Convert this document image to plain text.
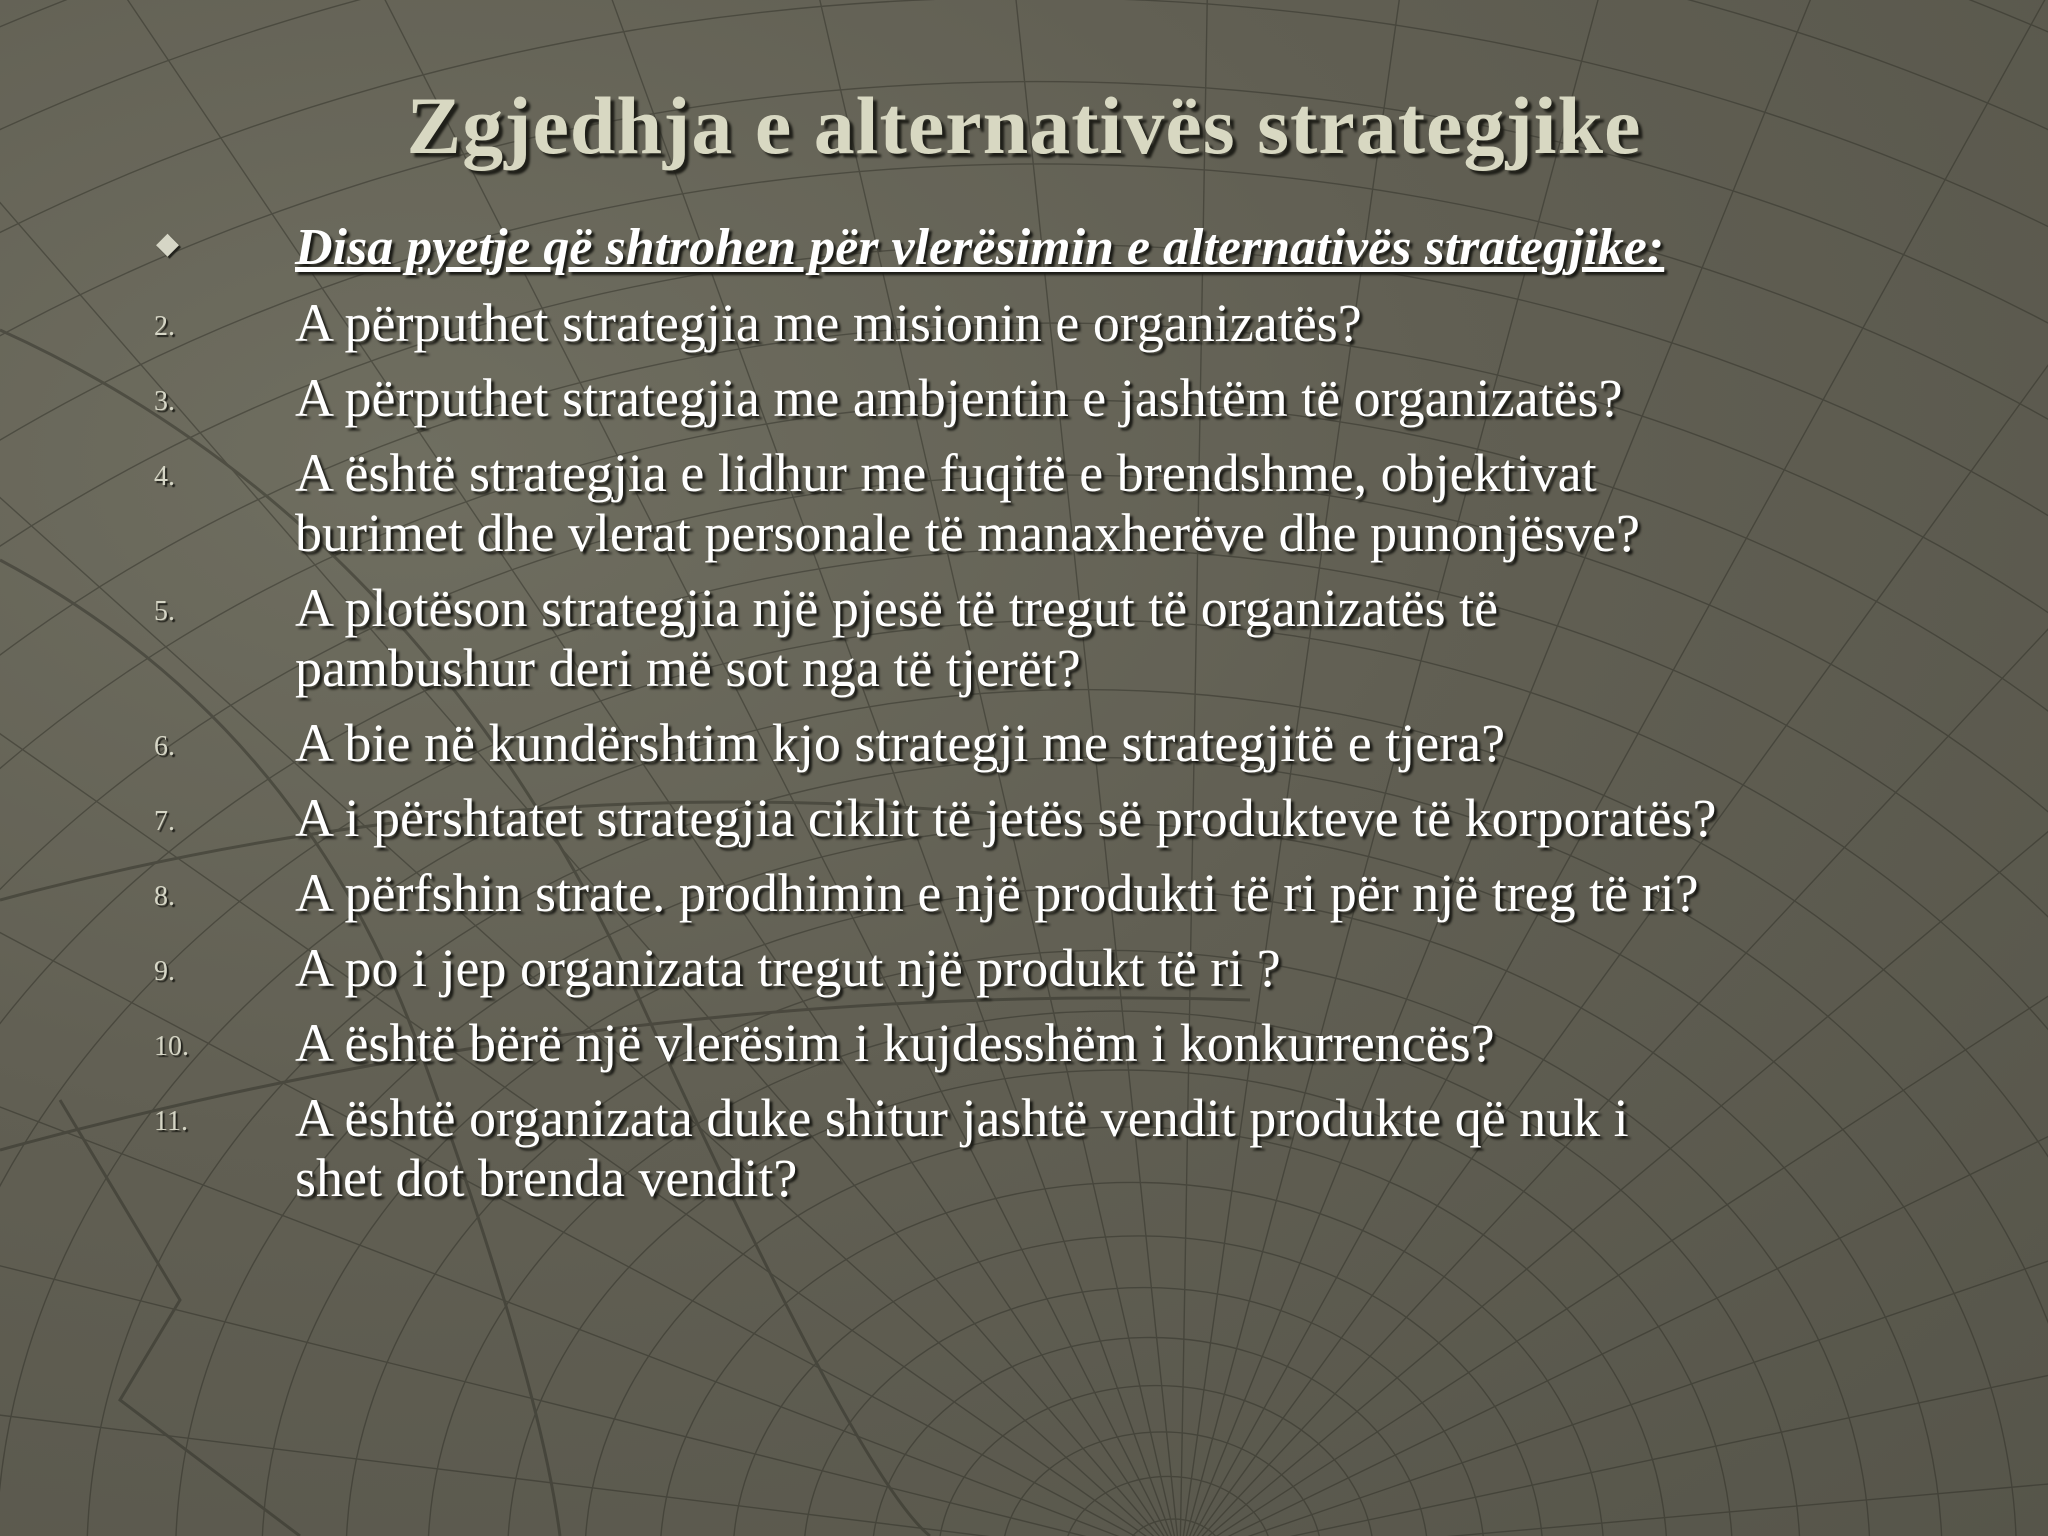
Zgjedhja e alternativës strategjike
◆ Disa pyetje që shtrohen për vlerësimin e alternativës strategjike:
2. A përputhet strategjia me misionin e organizatës?
3. A përputhet strategjia me ambjentin e jashtëm të organizatës?
4. A është strategjia e lidhur me fuqitë e brendshme, objektivat
burimet dhe vlerat personale të manaxherëve dhe punonjësve?
5. A plotëson strategjia një pjesë të tregut të organizatës të
pambushur deri më sot nga të tjerët?
6. A bie në kundërshtim kjo strategji me strategjitë e tjera?
7. A i përshtatet strategjia ciklit të jetës së produkteve të korporatës?
8. A përfshin strate. prodhimin e një produkti të ri për një treg të ri?
9. A po i jep organizata tregut një produkt të ri ?
10. A është bërë një vlerësim i kujdesshëm i konkurrencës?
11. A është organizata duke shitur jashtë vendit produkte që nuk i
shet dot brenda vendit?
